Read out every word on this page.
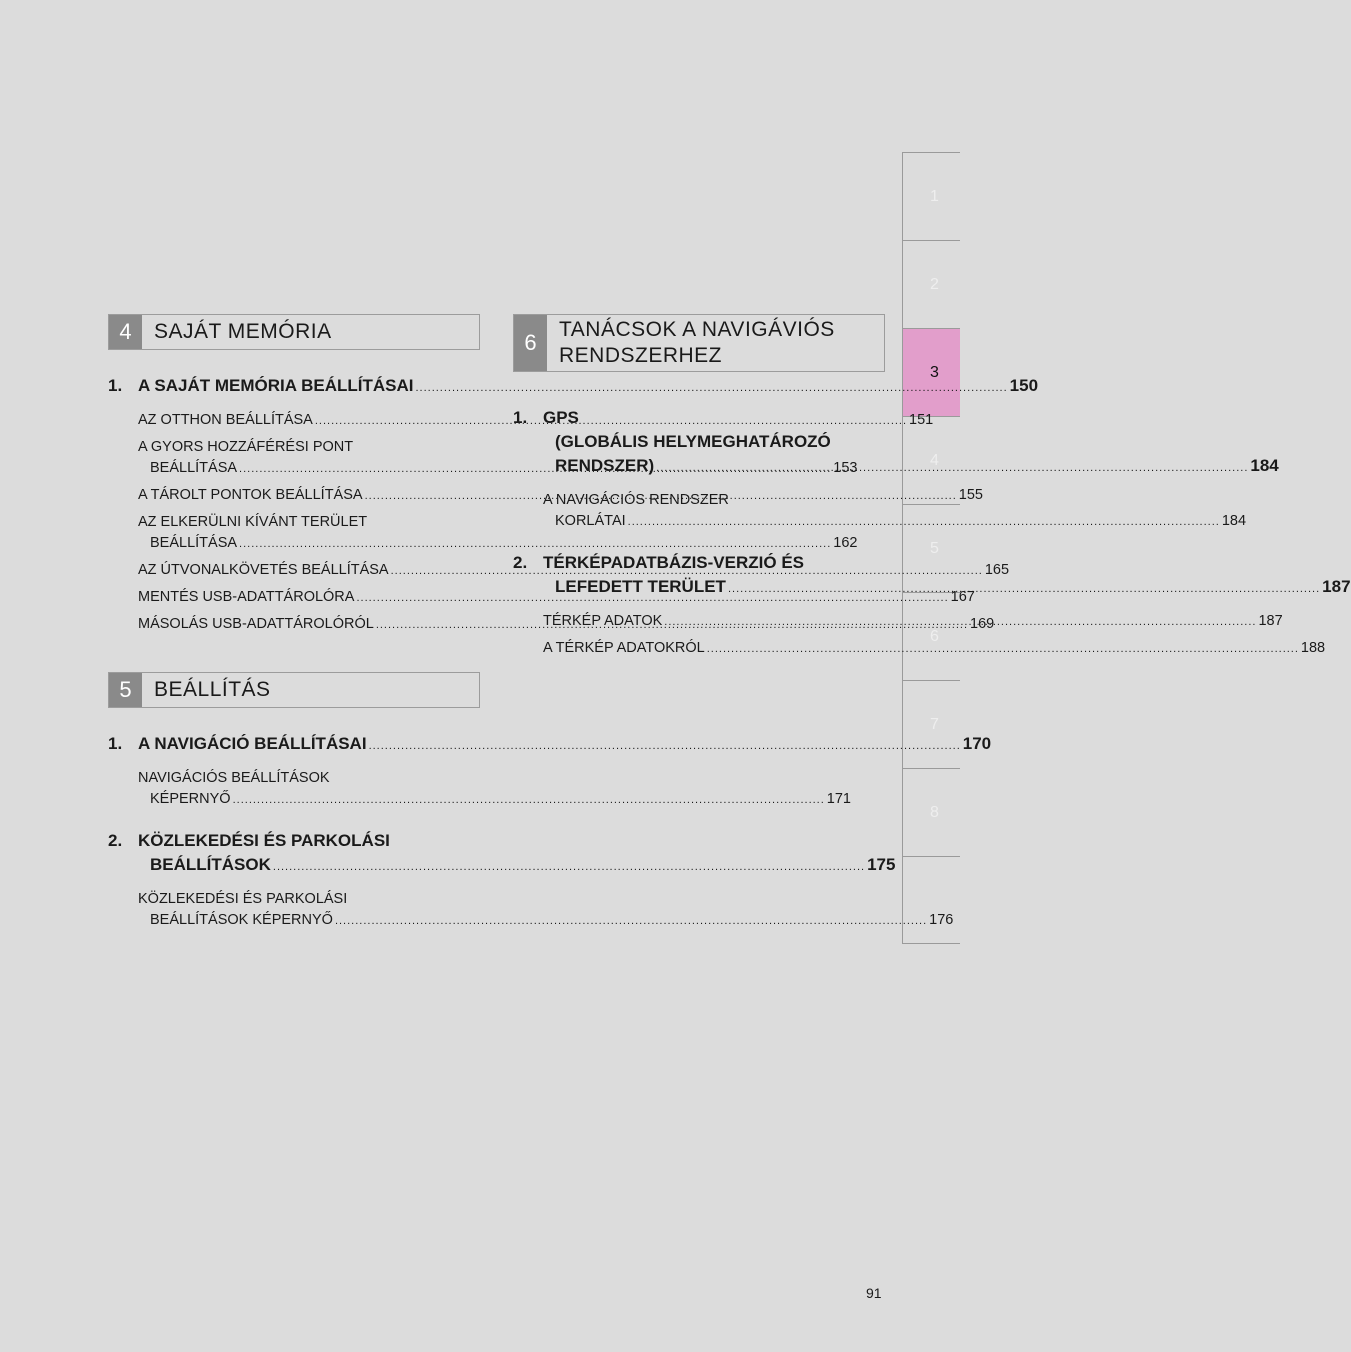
1
2
3
4
5
6
7
8
4	SAJÁT MEMÓRIA
1. A SAJÁT MEMÓRIA BEÁLLÍTÁSAI .....	150
AZ OTTHON BEÁLLÍTÁSA .....	151
A GYORS HOZZÁFÉRÉSI PONT
BEÁLLÍTÁSA .....	153
A TÁROLT PONTOK BEÁLLÍTÁSA .....	155
AZ ELKERÜLNI KÍVÁNT TERÜLET
BEÁLLÍTÁSA .....	162
AZ ÚTVONALKÖVETÉS BEÁLLÍTÁSA .....	165
MENTÉS USB-ADATTÁROLÓRA .....	167
MÁSOLÁS USB-ADATTÁROLÓRÓL .....	169
5	BEÁLLÍTÁS
1. A NAVIGÁCIÓ BEÁLLÍTÁSAI .....	170
NAVIGÁCIÓS BEÁLLÍTÁSOK
KÉPERNYŐ .....	171
2. KÖZLEKEDÉSI ÉS PARKOLÁSI
BEÁLLÍTÁSOK .....	175
KÖZLEKEDÉSI ÉS PARKOLÁSI
BEÁLLÍTÁSOK KÉPERNYŐ .....	176
6
TANÁCSOK A NAVIGÁVIÓS
RENDSZERHEZ
1. GPS
(GLOBÁLIS HELYMEGHATÁROZÓ
RENDSZER) .....	184
A NAVIGÁCIÓS RENDSZER
KORLÁTAI .....	184
2. TÉRKÉPADATBÁZIS-VERZIÓ ÉS
LEFEDETT TERÜLET .....	187
TÉRKÉP ADATOK .....	187
A TÉRKÉP ADATOKRÓL .....	188
91
